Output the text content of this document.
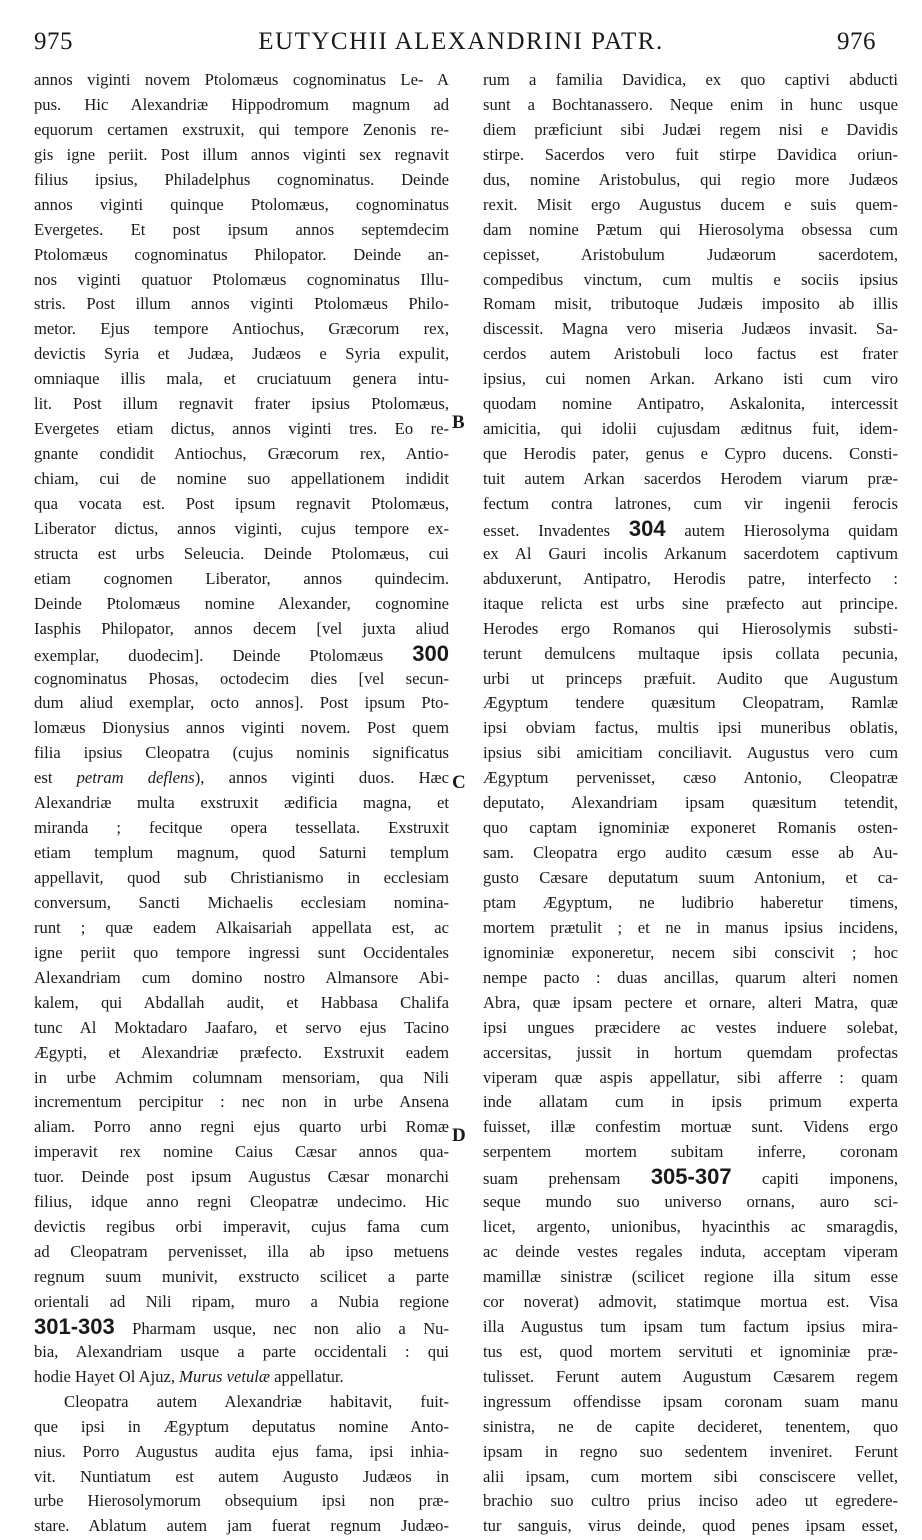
975	EUTYCHII ALEXANDRINI PATR.	976
B
C
D
annos viginti novem Ptolomæus cognominatus Le- A
pus. Hic Alexandriæ Hippodromum magnum ad
equorum certamen exstruxit, qui tempore Zenonis re-
gis igne periit. Post illum annos viginti sex regnavit
filius ipsius, Philadelphus cognominatus. Deinde
annos viginti quinque Ptolomæus, cognominatus
Evergetes. Et post ipsum annos septemdecim
Ptolomæus cognominatus Philopator. Deinde an-
nos viginti quatuor Ptolomæus cognominatus Illu-
stris. Post illum annos viginti Ptolomæus Philo-
metor. Ejus tempore Antiochus, Græcorum rex,
devictis Syria et Judæa, Judæos e Syria expulit,
omniaque illis mala, et cruciatuum genera intu-
lit. Post illum regnavit frater ipsius Ptolomæus,
Evergetes etiam dictus, annos viginti tres. Eo re-
gnante condidit Antiochus, Græcorum rex, Antio-
chiam, cui de nomine suo appellationem indidit
qua vocata est. Post ipsum regnavit Ptolomæus,
Liberator dictus, annos viginti, cujus tempore ex-
structa est urbs Seleucia. Deinde Ptolomæus, cui
etiam cognomen Liberator, annos quindecim.
Deinde Ptolomæus nomine Alexander, cognomine
Iasphis Philopator, annos decem [vel juxta aliud
exemplar, duodecim]. Deinde Ptolomæus 300
cognominatus Phosas, octodecim dies [vel secun-
dum aliud exemplar, octo annos]. Post ipsum Pto-
lomæus Dionysius annos viginti novem. Post quem
filia ipsius Cleopatra (cujus nominis significatus
est petram deflens), annos viginti duos. Hæc
Alexandriæ multa exstruxit ædificia magna, et
miranda ; fecitque opera tessellata. Exstruxit
etiam templum magnum, quod Saturni templum
appellavit, quod sub Christianismo in ecclesiam
conversum, Sancti Michaelis ecclesiam nomina-
runt ; quæ eadem Alkaisariah appellata est, ac
igne periit quo tempore ingressi sunt Occidentales
Alexandriam cum domino nostro Almansore Abi-
kalem, qui Abdallah audit, et Habbasa Chalifa
tunc Al Moktadaro Jaafaro, et servo ejus Tacino
Ægypti, et Alexandriæ præfecto. Exstruxit eadem
in urbe Achmim columnam mensoriam, qua Nili
incrementum percipitur : nec non in urbe Ansena
aliam. Porro anno regni ejus quarto urbi Romæ
imperavit rex nomine Caius Cæsar annos qua-
tuor. Deinde post ipsum Augustus Cæsar monarchi
filius, idque anno regni Cleopatræ undecimo. Hic
devictis regibus orbi imperavit, cujus fama cum
ad Cleopatram pervenisset, illa ab ipso metuens
regnum suum munivit, exstructo scilicet a parte
orientali ad Nili ripam, muro a Nubia regione
301-303 Pharmam usque, nec non alio a Nu-
bia, Alexandriam usque a parte occidentali : qui
hodie Hayet Ol Ajuz, Murus vetulæ appellatur.
Cleopatra autem Alexandriæ habitavit, fuit-
que ipsi in Ægyptum deputatus nomine Anto-
nius. Porro Augustus audita ejus fama, ipsi inhia-
vit. Nuntiatum est autem Augusto Judæos in
urbe Hierosolymorum obsequium ipsi non præ-
stare. Ablatum autem jam fuerat regnum Judæo-
rum a familia Davidica, ex quo captivi abducti
sunt a Bochtanassero. Neque enim in hunc usque
diem præficiunt sibi Judæi regem nisi e Davidis
stirpe. Sacerdos vero fuit stirpe Davidica oriun-
dus, nomine Aristobulus, qui regio more Judæos
rexit. Misit ergo Augustus ducem e suis quem-
dam nomine Pætum qui Hierosolyma obsessa cum
cepisset, Aristobulum Judæorum sacerdotem,
compedibus vinctum, cum multis e sociis ipsius
Romam misit, tributoque Judæis imposito ab illis
discessit. Magna vero miseria Judæos invasit. Sa-
cerdos autem Aristobuli loco factus est frater
ipsius, cui nomen Arkan. Arkano isti cum viro
quodam nomine Antipatro, Askalonita, intercessit
amicitia, qui idolii cujusdam æditnus fuit, idem-
que Herodis pater, genus e Cypro ducens. Consti-
tuit autem Arkan sacerdos Herodem viarum præ-
fectum contra latrones, cum vir ingenii ferocis
esset. Invadentes 304 autem Hierosolyma quidam
ex Al Gauri incolis Arkanum sacerdotem captivum
abduxerunt, Antipatro, Herodis patre, interfecto :
itaque relicta est urbs sine præfecto aut principe.
Herodes ergo Romanos qui Hierosolymis substi-
terunt demulcens multaque ipsis collata pecunia,
urbi ut princeps præfuit. Audito que Augustum
Ægyptum tendere quæsitum Cleopatram, Ramlæ
ipsi obviam factus, multis ipsi muneribus oblatis,
ipsius sibi amicitiam conciliavit. Augustus vero cum
Ægyptum pervenisset, cæso Antonio, Cleopatræ
deputato, Alexandriam ipsam quæsitum tetendit,
quo captam ignominiæ exponeret Romanis osten-
sam. Cleopatra ergo audito cæsum esse ab Au-
gusto Cæsare deputatum suum Antonium, et ca-
ptam Ægyptum, ne ludibrio haberetur timens,
mortem prætulit ; et ne in manus ipsius incidens,
ignominiæ exponeretur, necem sibi conscivit ; hoc
nempe pacto : duas ancillas, quarum alteri nomen
Abra, quæ ipsam pectere et ornare, alteri Matra, quæ
ipsi ungues præcidere ac vestes induere solebat,
accersitas, jussit in hortum quemdam profectas
viperam quæ aspis appellatur, sibi afferre : quam
inde allatam cum in ipsis primum experta
fuisset, illæ confestim mortuæ sunt. Videns ergo
serpentem mortem subitam inferre, coronam
suam prehensam 305-307 capiti imponens,
seque mundo suo universo ornans, auro sci-
licet, argento, unionibus, hyacinthis ac smaragdis,
ac deinde vestes regales induta, acceptam viperam
mamillæ sinistræ (scilicet regione illa situm esse
cor noverat) admovit, statimque mortua est. Visa
illa Augustus tum ipsam tum factum ipsius mira-
tus est, quod mortem servituti et ignominiæ præ-
tulisset. Ferunt autem Augustum Cæsarem regem
ingressum offendisse ipsam coronam suam manu
sinistra, ne de capite decideret, tenentem, quo
ipsam in regno suo sedentem inveniret. Ferunt
alii ipsam, cum mortem sibi consciscere vellet,
brachio suo cultro prius inciso adeo ut egredere-
tur sanguis, virus deinde, quod penes ipsam esset,
